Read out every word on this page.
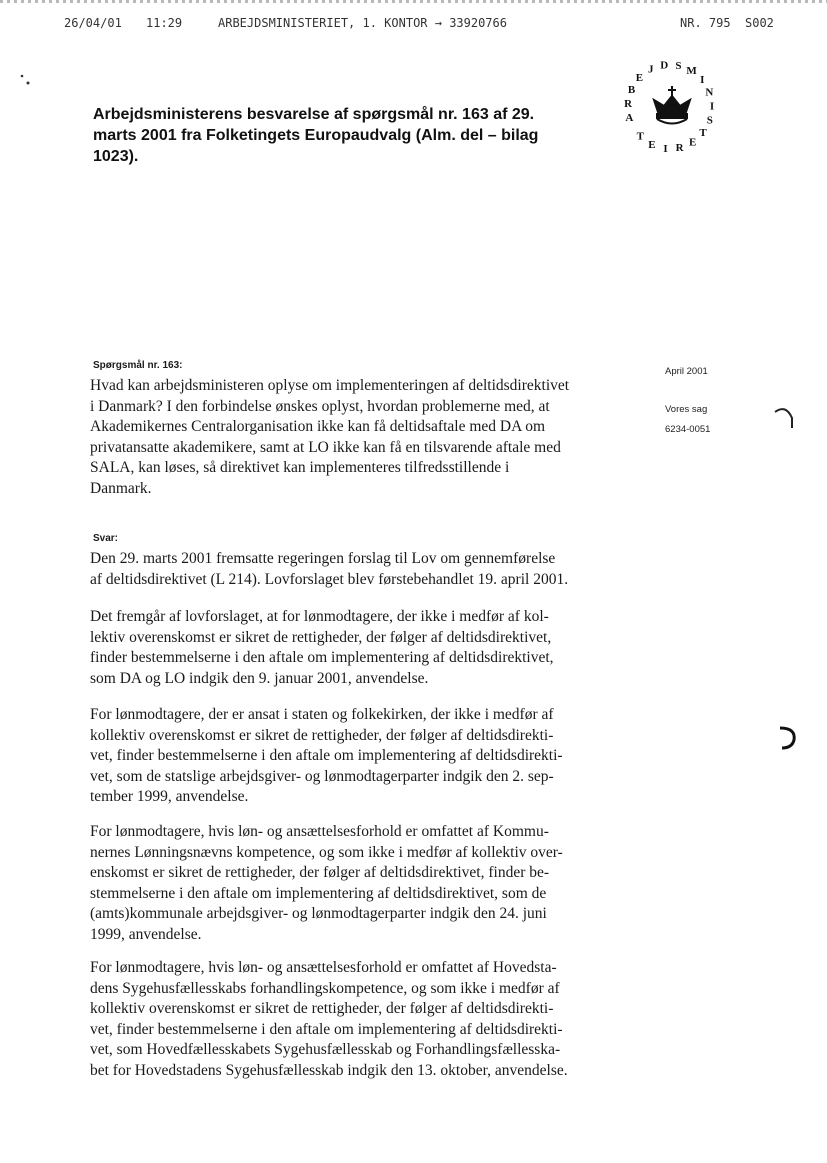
26/04/01 11:29	ARBEJDSMINISTERIET, 1. KONTOR → 33920766	NR. 795 S002
A
R
B
E
J D S M
I
N
I
S
T
E
R
I
E
T
Arbejdsministerens besvarelse af spørgsmål nr. 163 af 29.
marts 2001 fra Folketingets Europaudvalg (Alm. del – bilag
1023).
April 2001
Vores sag
6234-0051
Spørgsmål nr. 163:
Hvad kan arbejdsministeren oplyse om implementeringen af deltidsdirektivet
i Danmark? I den forbindelse ønskes oplyst, hvordan problemerne med, at
Akademikernes Centralorganisation ikke kan få deltidsaftale med DA om
privatansatte akademikere, samt at LO ikke kan få en tilsvarende aftale med
SALA, kan løses, så direktivet kan implementeres tilfredsstillende i
Danmark.
Svar:
Den 29. marts 2001 fremsatte regeringen forslag til Lov om gennemførelse
af deltidsdirektivet (L 214). Lovforslaget blev førstebehandlet 19. april 2001.
Det fremgår af lovforslaget, at for lønmodtagere, der ikke i medfør af kol-
lektiv overenskomst er sikret de rettigheder, der følger af deltidsdirektivet,
finder bestemmelserne i den aftale om implementering af deltidsdirektivet,
som DA og LO indgik den 9. januar 2001, anvendelse.
For lønmodtagere, der er ansat i staten og folkekirken, der ikke i medfør af
kollektiv overenskomst er sikret de rettigheder, der følger af deltidsdirekti-
vet, finder bestemmelserne i den aftale om implementering af deltidsdirekti-
vet, som de statslige arbejdsgiver- og lønmodtagerparter indgik den 2. sep-
tember 1999, anvendelse.
For lønmodtagere, hvis løn- og ansættelsesforhold er omfattet af Kommu-
nernes Lønningsnævns kompetence, og som ikke i medfør af kollektiv over-
enskomst er sikret de rettigheder, der følger af deltidsdirektivet, finder be-
stemmelserne i den aftale om implementering af deltidsdirektivet, som de
(amts)kommunale arbejdsgiver- og lønmodtagerparter indgik den 24. juni
1999, anvendelse.
For lønmodtagere, hvis løn- og ansættelsesforhold er omfattet af Hovedsta-
dens Sygehusfællesskabs forhandlingskompetence, og som ikke i medfør af
kollektiv overenskomst er sikret de rettigheder, der følger af deltidsdirekti-
vet, finder bestemmelserne i den aftale om implementering af deltidsdirekti-
vet, som Hovedfællesskabets Sygehusfællesskab og Forhandlingsfællesska-
bet for Hovedstadens Sygehusfællesskab indgik den 13. oktober, anvendelse.
